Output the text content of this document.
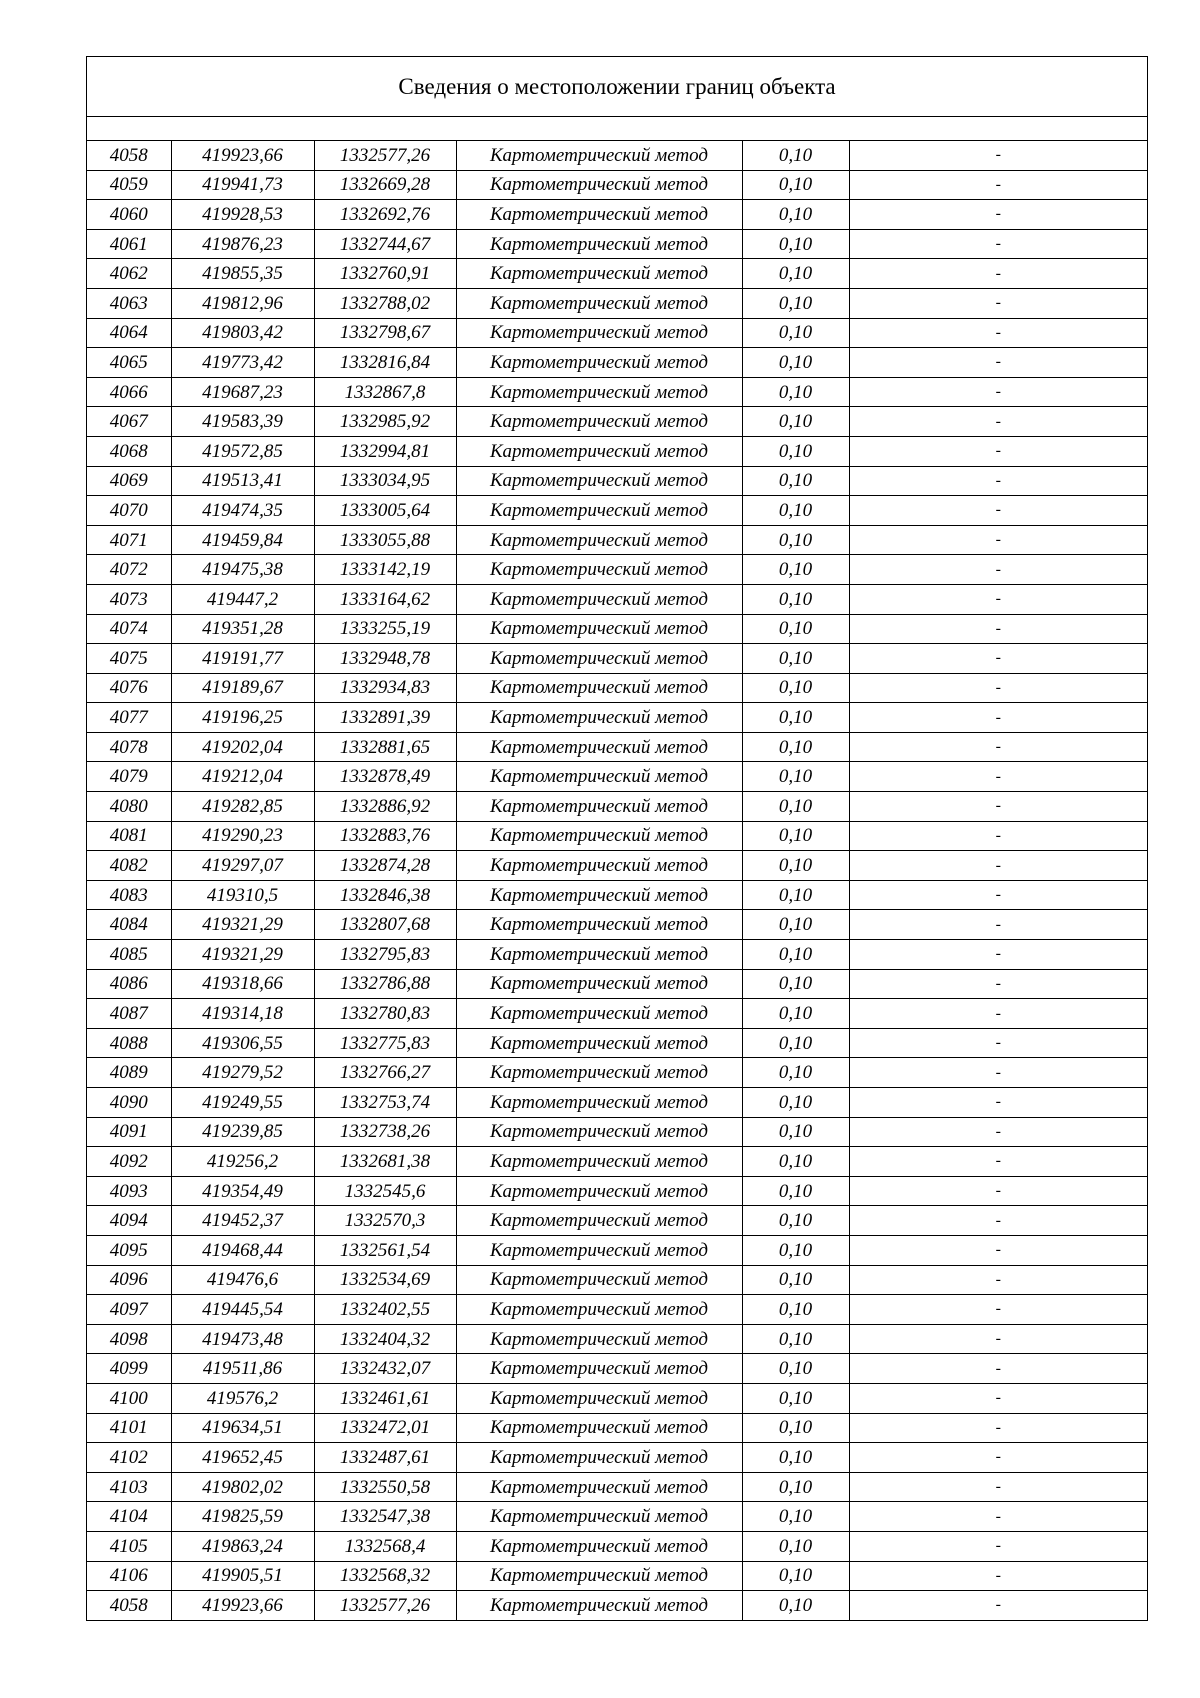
Сведения о местоположении границ объекта
4058	419923,66	1332577,26	Картометрический метод	0,10	-
4059	419941,73	1332669,28	Картометрический метод	0,10	-
4060	419928,53	1332692,76	Картометрический метод	0,10	-
4061	419876,23	1332744,67	Картометрический метод	0,10	-
4062	419855,35	1332760,91	Картометрический метод	0,10	-
4063	419812,96	1332788,02	Картометрический метод	0,10	-
4064	419803,42	1332798,67	Картометрический метод	0,10	-
4065	419773,42	1332816,84	Картометрический метод	0,10	-
4066	419687,23	1332867,8	Картометрический метод	0,10	-
4067	419583,39	1332985,92	Картометрический метод	0,10	-
4068	419572,85	1332994,81	Картометрический метод	0,10	-
4069	419513,41	1333034,95	Картометрический метод	0,10	-
4070	419474,35	1333005,64	Картометрический метод	0,10	-
4071	419459,84	1333055,88	Картометрический метод	0,10	-
4072	419475,38	1333142,19	Картометрический метод	0,10	-
4073	419447,2	1333164,62	Картометрический метод	0,10	-
4074	419351,28	1333255,19	Картометрический метод	0,10	-
4075	419191,77	1332948,78	Картометрический метод	0,10	-
4076	419189,67	1332934,83	Картометрический метод	0,10	-
4077	419196,25	1332891,39	Картометрический метод	0,10	-
4078	419202,04	1332881,65	Картометрический метод	0,10	-
4079	419212,04	1332878,49	Картометрический метод	0,10	-
4080	419282,85	1332886,92	Картометрический метод	0,10	-
4081	419290,23	1332883,76	Картометрический метод	0,10	-
4082	419297,07	1332874,28	Картометрический метод	0,10	-
4083	419310,5	1332846,38	Картометрический метод	0,10	-
4084	419321,29	1332807,68	Картометрический метод	0,10	-
4085	419321,29	1332795,83	Картометрический метод	0,10	-
4086	419318,66	1332786,88	Картометрический метод	0,10	-
4087	419314,18	1332780,83	Картометрический метод	0,10	-
4088	419306,55	1332775,83	Картометрический метод	0,10	-
4089	419279,52	1332766,27	Картометрический метод	0,10	-
4090	419249,55	1332753,74	Картометрический метод	0,10	-
4091	419239,85	1332738,26	Картометрический метод	0,10	-
4092	419256,2	1332681,38	Картометрический метод	0,10	-
4093	419354,49	1332545,6	Картометрический метод	0,10	-
4094	419452,37	1332570,3	Картометрический метод	0,10	-
4095	419468,44	1332561,54	Картометрический метод	0,10	-
4096	419476,6	1332534,69	Картометрический метод	0,10	-
4097	419445,54	1332402,55	Картометрический метод	0,10	-
4098	419473,48	1332404,32	Картометрический метод	0,10	-
4099	419511,86	1332432,07	Картометрический метод	0,10	-
4100	419576,2	1332461,61	Картометрический метод	0,10	-
4101	419634,51	1332472,01	Картометрический метод	0,10	-
4102	419652,45	1332487,61	Картометрический метод	0,10	-
4103	419802,02	1332550,58	Картометрический метод	0,10	-
4104	419825,59	1332547,38	Картометрический метод	0,10	-
4105	419863,24	1332568,4	Картометрический метод	0,10	-
4106	419905,51	1332568,32	Картометрический метод	0,10	-
4058	419923,66	1332577,26	Картометрический метод	0,10	-
